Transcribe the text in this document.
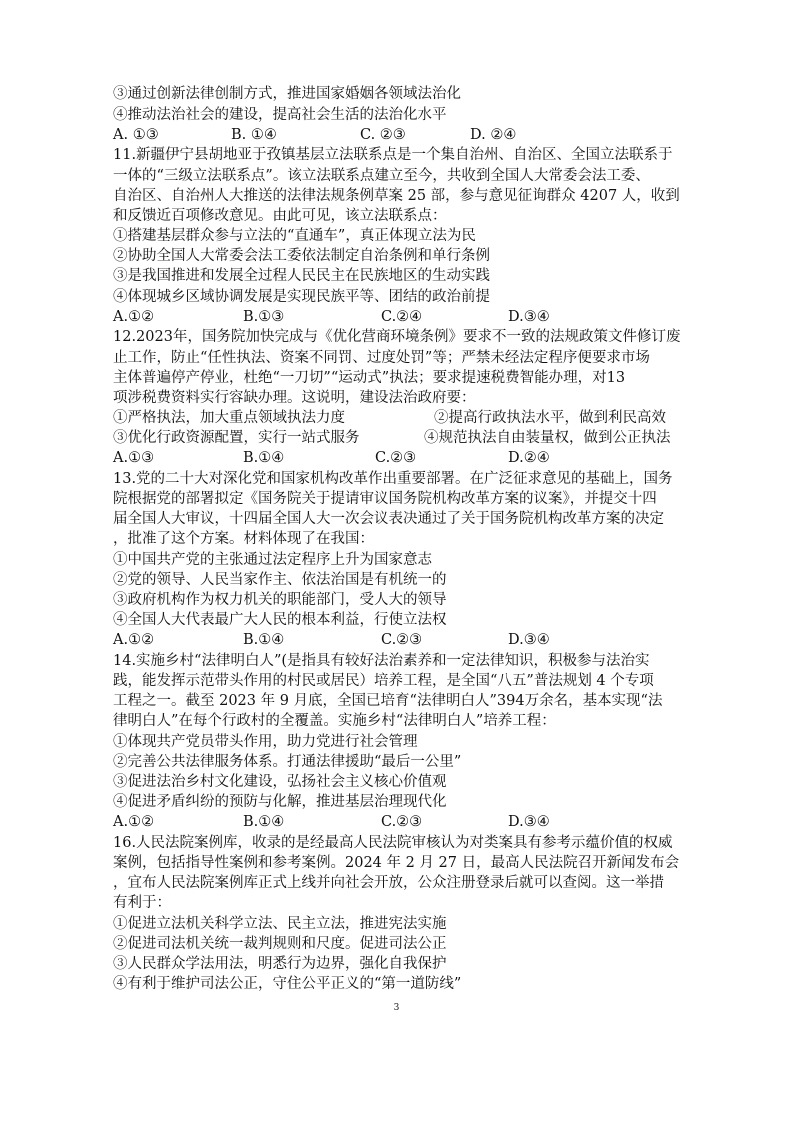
③通过创新法律创制方式，推进国家婚姻各领域法治化
④推动法治社会的建设，提高社会生活的法治化水平
A. ①③	B. ①④	C. ②③	D. ②④
11.新疆伊宁县胡地亚于孜镇基层立法联系点是一个集自治州、自治区、全国立法联系于
一体的“三级立法联系点”。该立法联系点建立至今，共收到全国人大常委会法工委、
自治区、自治州人大推送的法律法规条例草案 25 部，参与意见征询群众 4207 人，收到
和反馈近百项修改意见。由此可见，该立法联系点：
①搭建基层群众参与立法的“直通车”，真正体现立法为民
②协助全国人大常委会法工委依法制定自治条例和单行条例
③是我国推进和发展全过程人民民主在民族地区的生动实践
④体现城乡区域协调发展是实现民族平等、团结的政治前提
A.①②	B.①③	C.②④	D.③④
12.2023年，国务院加快完成与《优化营商环境条例》要求不一致的法规政策文件修订废
止工作，防止“任性执法、资案不同罚、过度处罚”等；严禁未经法定程序便要求市场
主体普遍停产停业，杜绝“一刀切”“运动式”执法；要求提速税费智能办理，对13
项涉税费资料实行容缺办理。这说明，建设法治政府要：
①严格执法，加大重点领域执法力度	②提高行政执法水平，做到利民高效
③优化行政资源配置，实行一站式服务	④规范执法自由装量权，做到公正执法
A.①③	B.①④	C.②③	D.②④
13.党的二十大对深化党和国家机构改革作出重要部署。在广泛征求意见的基础上，国务
院根据党的部署拟定《国务院关于提请审议国务院机构改革方案的议案》，并提交十四
届全国人大审议，十四届全国人大一次会议表决通过了关于国务院机构改革方案的决定
，批准了这个方案。材料体现了在我国：
①中国共产党的主张通过法定程序上升为国家意志
②党的领导、人民当家作主、依法治国是有机统一的
③政府机构作为权力机关的职能部门，受人大的领导
④全国人大代表最广大人民的根本利益，行使立法权
A.①②	B.①④	C.②③	D.③④
14.实施乡村“法律明白人”(是指具有较好法治素养和一定法律知识，积极参与法治实
践，能发挥示范带头作用的村民或居民）培养工程，是全国“八五”普法规划 4 个专项
工程之一。截至 2023 年 9 月底，全国已培育“法律明白人”394万余名，基本实现“法
律明白人”在每个行政村的全覆盖。实施乡村“法律明白人”培养工程：
①体现共产党员带头作用，助力党进行社会管理
②完善公共法律服务体系。打通法律援助“最后一公里”
③促进法治乡村文化建设，弘扬社会主义核心价值观
④促进矛盾纠纷的预防与化解，推进基层治理现代化
A.①②	B.①④	C.②③	D.③④
16.人民法院案例库，收录的是经最高人民法院审核认为对类案具有参考示蕴价值的权威
案例，包括指导性案例和参考案例。2024 年 2 月 27 日，最高人民法院召开新闻发布会
，宜布人民法院案例库正式上线并向社会开放，公众注册登录后就可以查阅。这一举措
有利于：
①促进立法机关科学立法、民主立法，推进宪法实施
②促进司法机关统一裁判规则和尺度。促进司法公正
③人民群众学法用法，明悉行为边界，强化自我保护
④有利于维护司法公正，守住公平正义的“第一道防线”
3
